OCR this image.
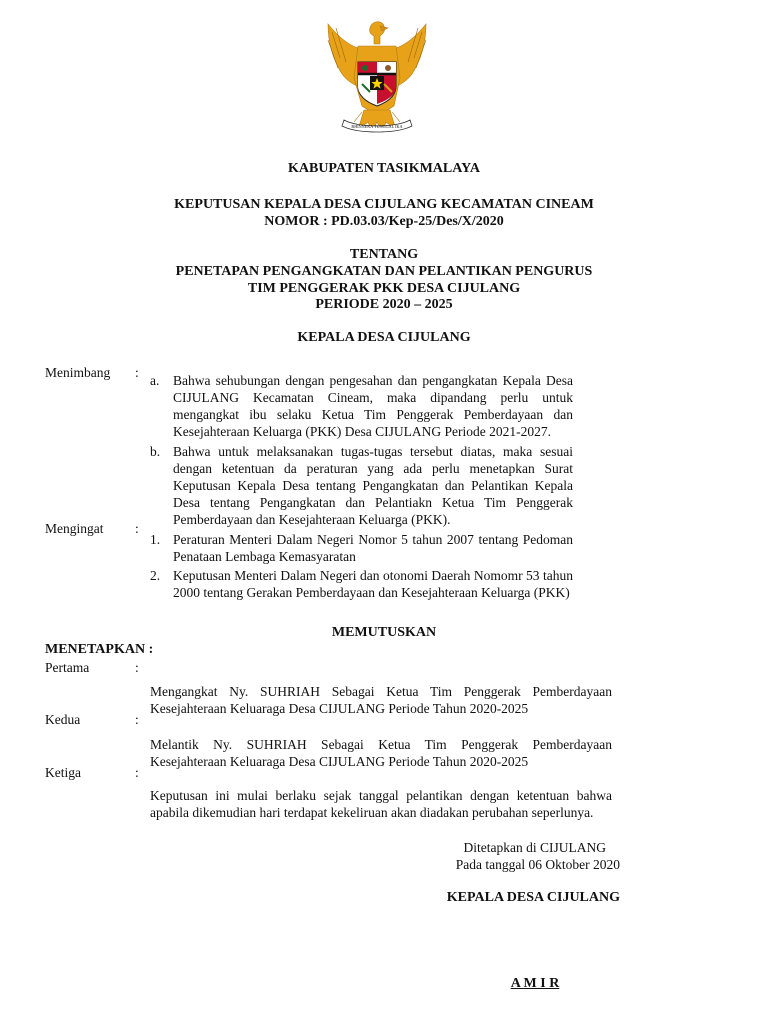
BHINNEKA TUNGGAL IKA
KABUPATEN TASIKMALAYA
KEPUTUSAN KEPALA DESA CIJULANG KECAMATAN CINEAM
NOMOR : PD.03.03/Kep-25/Des/X/2020
TENTANG
PENETAPAN PENGANGKATAN DAN PELANTIKAN PENGURUS
TIM PENGGERAK PKK DESA CIJULANG
PERIODE 2020 – 2025
KEPALA DESA CIJULANG
Menimbang :
a. Bahwa sehubungan dengan pengesahan dan pengangkatan Kepala Desa CIJULANG Kecamatan Cineam, maka dipandang perlu untuk mengangkat ibu selaku Ketua Tim Penggerak Pemberdayaan dan Kesejahteraan Keluarga (PKK) Desa CIJULANG Periode 2021-2027.
b. Bahwa untuk melaksanakan tugas-tugas tersebut diatas, maka sesuai dengan ketentuan da peraturan yang ada perlu menetapkan Surat Keputusan Kepala Desa tentang Pengangkatan dan Pelantikan Kepala Desa tentang Pengangkatan dan Pelantiakn Ketua Tim Penggerak Pemberdayaan dan Kesejahteraan Keluarga (PKK).
Mengingat :
1. Peraturan Menteri Dalam Negeri Nomor 5 tahun 2007 tentang Pedoman Penataan Lembaga Kemasyaratan
2. Keputusan Menteri Dalam Negeri dan otonomi Daerah Nomomr 53 tahun 2000 tentang Gerakan Pemberdayaan dan Kesejahteraan Keluarga (PKK)
MEMUTUSKAN
MENETAPKAN :
Pertama	:
Mengangkat Ny. SUHRIAH Sebagai Ketua Tim Penggerak Pemberdayaan Kesejahteraan Keluaraga Desa CIJULANG Periode Tahun 2020-2025
Kedua	:
Melantik Ny. SUHRIAH Sebagai Ketua Tim Penggerak Pemberdayaan Kesejahteraan Keluaraga Desa CIJULANG Periode Tahun 2020-2025
Ketiga	:
Keputusan ini mulai berlaku sejak tanggal pelantikan dengan ketentuan bahwa apabila dikemudian hari terdapat kekeliruan akan diadakan perubahan seperlunya.
Ditetapkan di CIJULANG
Pada tanggal 06 Oktober 2020
KEPALA DESA CIJULANG
A M I R
